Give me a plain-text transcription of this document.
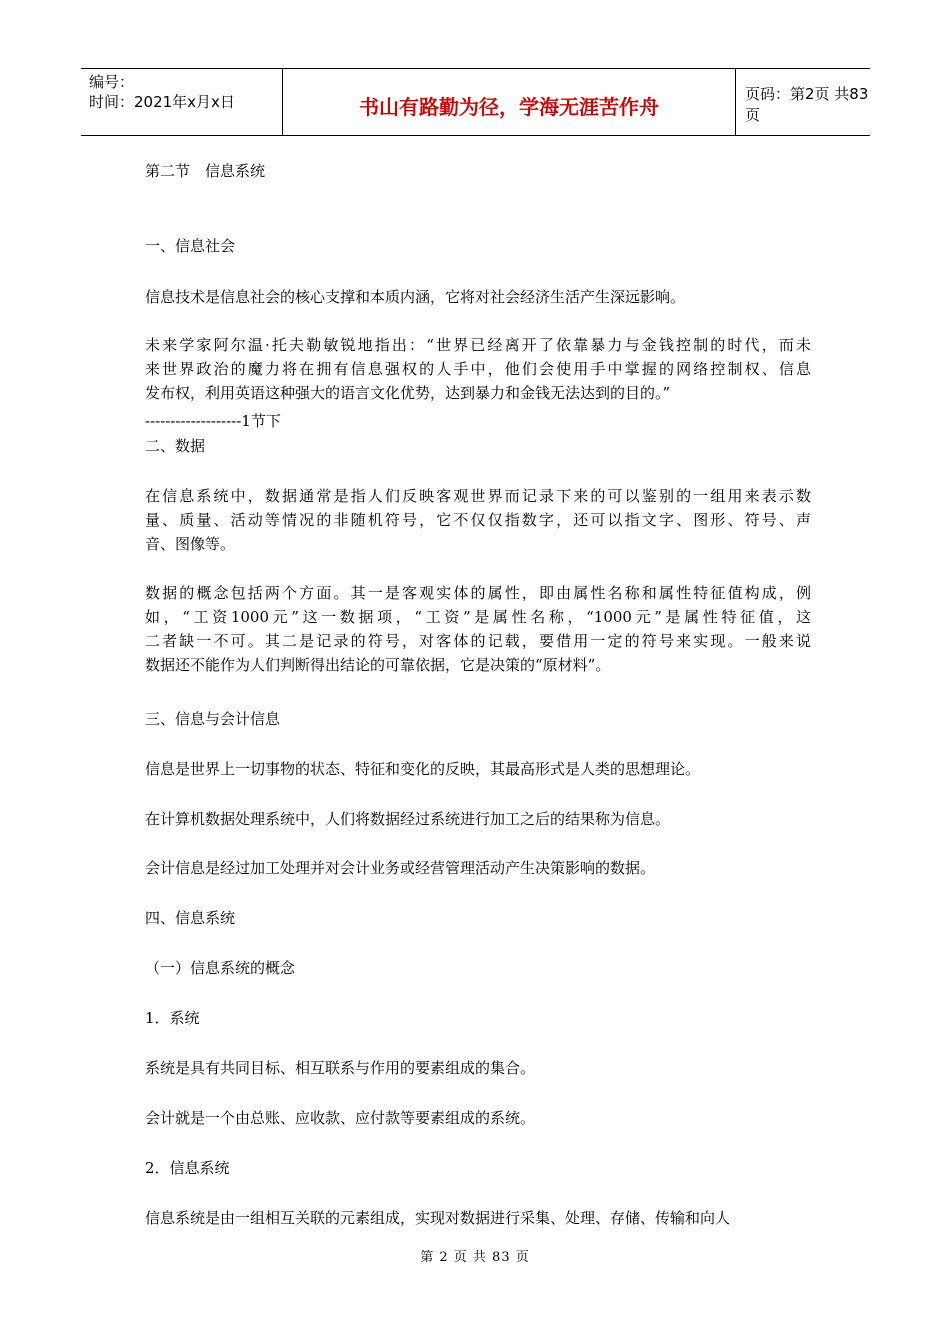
编号：
时间：2021年x月x日	书山有路勤为径，学海无涯苦作舟
页码：第2页 共83页
第二节　信息系统
一、信息社会
信息技术是信息社会的核心支撑和本质内涵，它将对社会经济生活产生深远影响。
未来学家阿尔温·托夫勒敏锐地指出：“世界已经离开了依靠暴力与金钱控制的时代，而未
来世界政治的魔力将在拥有信息强权的人手中，他们会使用手中掌握的网络控制权、信息
发布权，利用英语这种强大的语言文化优势，达到暴力和金钱无法达到的目的。”
-------------------1节下
二、数据
在信息系统中，数据通常是指人们反映客观世界而记录下来的可以鉴别的一组用来表示数
量、质量、活动等情况的非随机符号，它不仅仅指数字，还可以指文字、图形、符号、声
音、图像等。
数据的概念包括两个方面。其一是客观实体的属性，即由属性名称和属性特征值构成，例
如，“工资1000元”这一数据项，“工资”是属性名称，“1000元”是属性特征值，这
二者缺一不可。其二是记录的符号，对客体的记载，要借用一定的符号来实现。一般来说
数据还不能作为人们判断得出结论的可靠依据，它是决策的“原材料”。
三、信息与会计信息
信息是世界上一切事物的状态、特征和变化的反映，其最高形式是人类的思想理论。
在计算机数据处理系统中，人们将数据经过系统进行加工之后的结果称为信息。
会计信息是经过加工处理并对会计业务或经营管理活动产生决策影响的数据。
四、信息系统
（一）信息系统的概念
1．系统
系统是具有共同目标、相互联系与作用的要素组成的集合。
会计就是一个由总账、应收款、应付款等要素组成的系统。
2．信息系统
信息系统是由一组相互关联的元素组成，实现对数据进行采集、处理、存储、传输和向人
第 2 页 共 83 页
